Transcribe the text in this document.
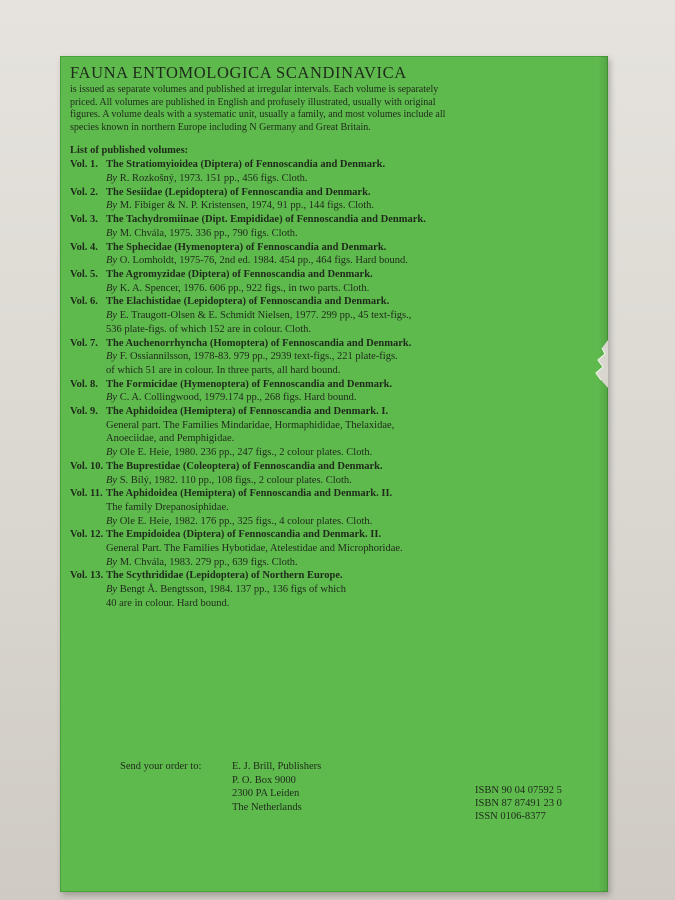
FAUNA ENTOMOLOGICA SCANDINAVICA
is issued as separate volumes and published at irregular intervals. Each volume is separately
priced. All volumes are published in English and profusely illustrated, usually with original
figures. A volume deals with a systematic unit, usually a family, and most volumes include all
species known in northern Europe including N Germany and Great Britain.
List of published volumes:
Vol. 1. The Stratiomyioidea (Diptera) of Fennoscandia and Denmark.
By R. Rozkošný, 1973. 151 pp., 456 figs. Cloth.
Vol. 2. The Sesiidae (Lepidoptera) of Fennoscandia and Denmark.
By M. Fibiger & N. P. Kristensen, 1974, 91 pp., 144 figs. Cloth.
Vol. 3. The Tachydromiinae (Dipt. Empididae) of Fennoscandia and Denmark.
By M. Chvála, 1975. 336 pp., 790 figs. Cloth.
Vol. 4. The Sphecidae (Hymenoptera) of Fennoscandia and Denmark.
By O. Lomholdt, 1975-76, 2nd ed. 1984. 454 pp., 464 figs. Hard bound.
Vol. 5. The Agromyzidae (Diptera) of Fennoscandia and Denmark.
By K. A. Spencer, 1976. 606 pp., 922 figs., in two parts. Cloth.
Vol. 6. The Elachistidae (Lepidoptera) of Fennoscandia and Denmark.
By E. Traugott-Olsen & E. Schmidt Nielsen, 1977. 299 pp., 45 text-figs.,
536 plate-figs. of which 152 are in colour. Cloth.
Vol. 7. The Auchenorrhyncha (Homoptera) of Fennoscandia and Denmark.
By F. Ossiannilsson, 1978-83. 979 pp., 2939 text-figs., 221 plate-figs.
of which 51 are in colour. In three parts, all hard bound.
Vol. 8. The Formicidae (Hymenoptera) of Fennoscandia and Denmark.
By C. A. Collingwood, 1979.174 pp., 268 figs. Hard bound.
Vol. 9. The Aphidoidea (Hemiptera) of Fennoscandia and Denmark. I.
General part. The Families Mindaridae, Hormaphididae, Thelaxidae,
Anoeciidae, and Pemphigidae.
By Ole E. Heie, 1980. 236 pp., 247 figs., 2 colour plates. Cloth.
Vol. 10. The Buprestidae (Coleoptera) of Fennoscandia and Denmark.
By S. Bílý, 1982. 110 pp., 108 figs., 2 colour plates. Cloth.
Vol. 11. The Aphidoidea (Hemiptera) of Fennoscandia and Denmark. II.
The family Drepanosiphidae.
By Ole E. Heie, 1982. 176 pp., 325 figs., 4 colour plates. Cloth.
Vol. 12. The Empidoidea (Diptera) of Fennoscandia and Denmark. II.
General Part. The Families Hybotidae, Atelestidae and Microphoridae.
By M. Chvála, 1983. 279 pp., 639 figs. Cloth.
Vol. 13. The Scythrididae (Lepidoptera) of Northern Europe.
By Bengt Å. Bengtsson, 1984. 137 pp., 136 figs of which
40 are in colour. Hard bound.
Send your order to:	E. J. Brill, Publishers
P. O. Box 9000
2300 PA Leiden
The Netherlands
ISBN 90 04 07592 5
ISBN 87 87491 23 0
ISSN 0106-8377
